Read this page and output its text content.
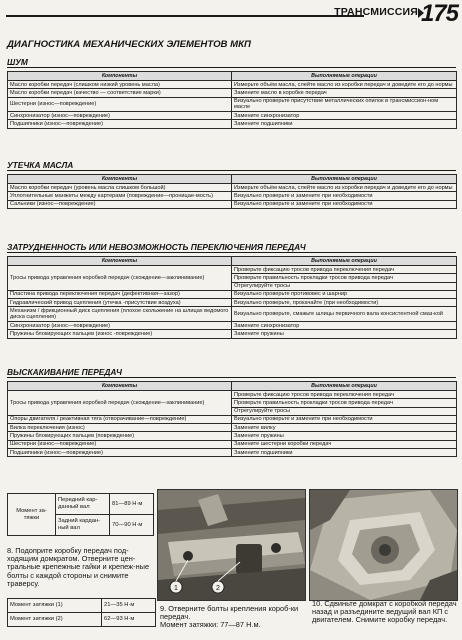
ТРАНСМИССИЯ 175
ДИАГНОСТИКА МЕХАНИЧЕСКИХ ЭЛЕМЕНТОВ МКП
ШУМ
Компоненты	Выполняемые операции
Масло коробки передач (слишком низкий уровень масла)	Измерьте объём масла, слейте масло из коробки передач и доведите его до нормы
Масло коробки передач (качество — соответствие марки)	Замените масло в коробке передач
Шестерни (износ—повреждение)	Визуально проверьте присутствие металлических опилок в трансмиссион-ном масле
Синхронизатор (износ—повреждение)	Замените синхронизатор
Подшипники (износ—повреждение)	Замените подшипники
УТЕЧКА МАСЛА
Компоненты	Выполняемые операции
Масло коробки передач (уровень масла слишком большой)	Измерьте объём масла, слейте масло из коробки передач и доведите его до нормы
Уплотнительные манжеты между картерами (повреждение—проницае-мость)	Визуально проверьте и замените при необходимости
Сальники (износ—повреждение)	Визуально проверьте и замените при необходимости
ЗАТРУДНЕННОСТЬ ИЛИ НЕВОЗМОЖНОСТЬ ПЕРЕКЛЮЧЕНИЯ ПЕРЕДАЧ
Компоненты	Выполняемые операции
Тросы привода управления коробкой передач (скождение—заклинивание)	Проверьте фиксацию тросов привода переключения передач
	Проверьте правильность прокладки тросов привода передач
	Отрегулируйте тросы
Пластина привода переключения передач (дефективная—зазор)	Визуально проверьте противовес и шарнир
Гидравлический привод сцепления (утечка -присутствие воздуха)	Визуально проверьте, прокачайте (при необходимости)
Механизм / фрикционный диск сцепления (плохое скольжение на шлицах ведомого диска сцепления)	Визуально проверьте, смажьте шлицы первичного вала консистентной смаз-кой
Синхронизатор (износ—повреждение)	Замените синхронизатор
Пружины блокирующих пальцев (износ -повреждение)	Замените пружины
ВЫСКАКИВАНИЕ ПЕРЕДАЧ
Компоненты	Выполняемые операции
Тросы привода управления коробкой передач (скождение—заклинивание)	Проверьте фиксацию тросов привода переключения передач
	Проверьте правильность прокладки тросов привода передач
	Отрегулируйте тросы
Опоры двигателя / реактивная тяга (отворачивание—повреждение)	Визуально проверьте и замените при необходимости
Вилка переключения (износ)	Замените вилку
Пружины блокирующих пальцев (повреждение)	Замените пружины
Шестерни (износ—повреждение)	Замените шестерни коробки передач
Подшипники (износ—повреждение)	Замените подшипники
Момент за-тяжки	Передний кар-данный вал	81—89 Н·м
	Задний кардан-ный вал	70—90 Н·м
8. Подоприте коробку передач под-ходящим домкратом. Отверните цен-тральные крепежные гайки и крепеж-ные болты с каждой стороны и снимите траверсу.
Момент затяжки (1)	21—35 Н·м
Момент затяжки (2)	62—93 Н·м
1	2
9. Отверните болты крепления короб-ки передач.
Момент затяжки: 77—87 Н.м.
10. Сдвиньте домкрат с коробкой передач назад и разъедините ведущий вал КП с двигателем. Снимите коробку передач.
